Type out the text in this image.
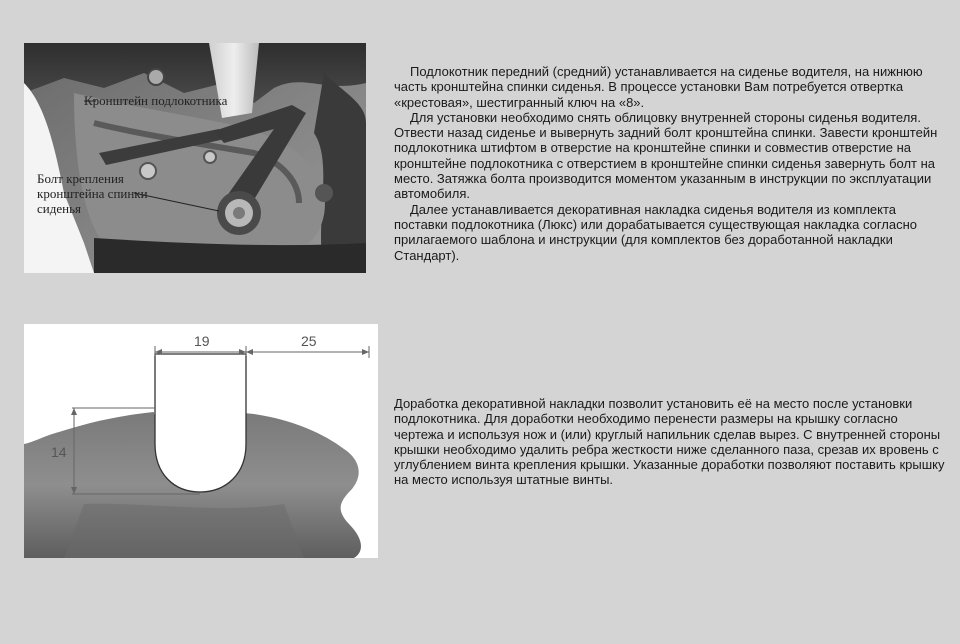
Кронштейн подлокотника
Болт крепления кронштейна спинки сиденья
19	25
14

Подлокотник передний (средний) устанавливается на сиденье водителя, на нижнюю часть кронштейна спинки сиденья. В процессе установки Вам потребуется отвертка «крестовая», шестигранный ключ на «8».

Для установки необходимо снять облицовку внутренней стороны сиденья водителя. Отвести назад сиденье и вывернуть задний болт кронштейна спинки. Завести кронштейн подлокотника штифтом в отверстие на кронштейне спинки и совместив отверстие на кронштейне подлокотника с отверстием в кронштейне спинки сиденья завернуть болт на место. Затяжка болта производится моментом указанным в инструкции по эксплуатации автомобиля.

Далее устанавливается декоративная накладка сиденья водителя из комплекта поставки подлокотника (Люкс) или дорабатывается существующая накладка согласно прилагаемого шаблона и инструкции (для комплектов без доработанной накладки Стандарт).

Доработка декоративной накладки позволит установить её на место после установки подлокотника. Для доработки необходимо перенести размеры на крышку согласно чертежа и используя нож и (или) круглый напильник сделав вырез. С внутренней стороны крышки необходимо удалить ребра жесткости ниже сделанного паза, срезав их вровень с углублением винта крепления крышки. Указанные доработки позволяют поставить крышку на место используя штатные винты.
